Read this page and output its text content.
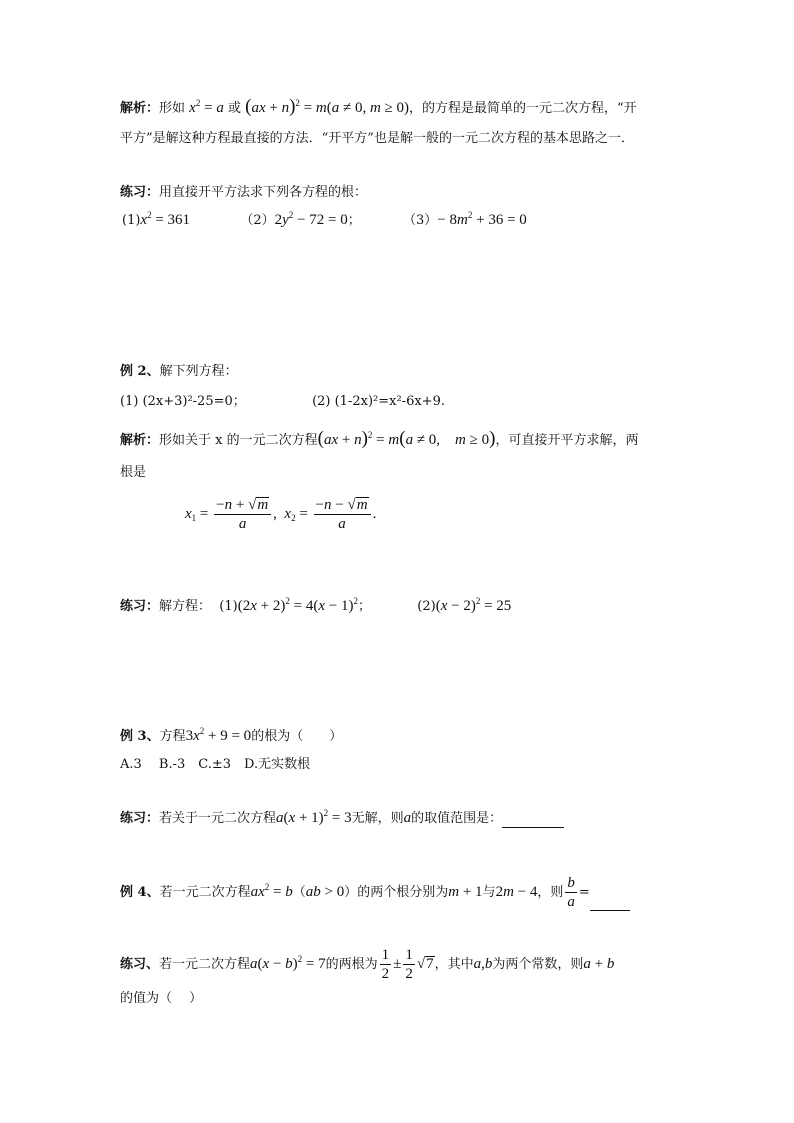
解析：形如 $x^2 = a$ 或 (ax + n)$^2$ = m(a ≠ 0, m ≥ 0)，的方程是最简单的一元二次方程，“开
平方”是解这种方程最直接的方法．“开平方”也是解一般的一元二次方程的基本思路之一．
练习：用直接开平方法求下列各方程的根：
$(1)x^2 = 361$	$(2)2y^2 - 72 = 0$；	$(3)- 8m^2 + 36 = 0$
例 2、解下列方程：
(1) (2x+3)²-25=0；	(2) (1-2x)²=x²-6x+9.
解析：形如关于 x 的一元二次方程(ax + n)$^2$ = m(a ≠ 0,　m ≥ 0)，可直接开平方求解，两
根是
$x_1 = \frac{-n + √m}{a}$ ,  $x_2 = \frac{-n - √m}{a}$ .
练习：解方程： $(1)(2x + 2)^2 = 4(x - 1)^2$；	$(2)(x - 2)^2 = 25$
例 3、方程$3x^2 + 9 = 0$的根为（　　）
A.3　 B.-3　C.±3　D.无实数根
练习：若关于一元二次方程$a(x + 1)^2 = 3$无解，则a的取值范围是：
例 4、若一元二次方程$ax^2 = b(ab > 0)$的两个根分别为m + 1与2m − 4，则 $\frac{b}{a}$ =
练习、若一元二次方程$a(x - b)^2 = 7$的两根为 $\frac{1}{2} \pm \frac{1}{2} √7$，其中a,b为两个常数，则a + b
的值为（　 ）
